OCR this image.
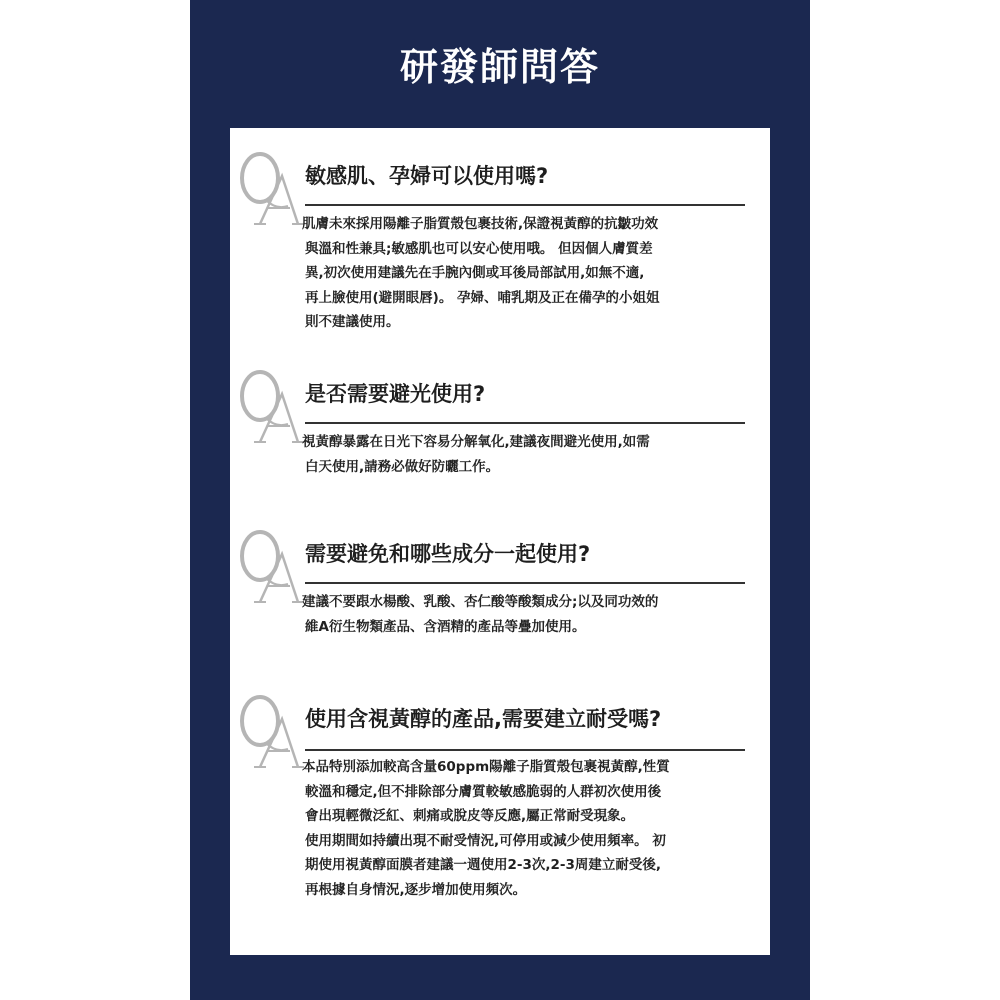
研發師問答
敏感肌、孕婦可以使用嗎?
肌膚未來採用陽離子脂質殼包裹技術,保證視黃醇的抗皺功效
與溫和性兼具;敏感肌也可以安心使用哦。 但因個人膚質差
異,初次使用建議先在手腕內側或耳後局部試用,如無不適,
再上臉使用(避開眼唇)。 孕婦、哺乳期及正在備孕的小姐姐
則不建議使用。
是否需要避光使用?
視黃醇暴露在日光下容易分解氧化,建議夜間避光使用,如需
白天使用,請務必做好防曬工作。
需要避免和哪些成分一起使用?
建議不要跟水楊酸、乳酸、杏仁酸等酸類成分;以及同功效的
維A衍生物類產品、含酒精的產品等疊加使用。
使用含視黃醇的產品,需要建立耐受嗎?
本品特別添加較高含量60ppm陽離子脂質殼包裹視黃醇,性質
較溫和穩定,但不排除部分膚質較敏感脆弱的人群初次使用後
會出現輕微泛紅、刺痛或脫皮等反應,屬正常耐受現象。
使用期間如持續出現不耐受情況,可停用或減少使用頻率。 初
期使用視黃醇面膜者建議一週使用2-3次,2-3周建立耐受後,
再根據自身情況,逐步增加使用頻次。
